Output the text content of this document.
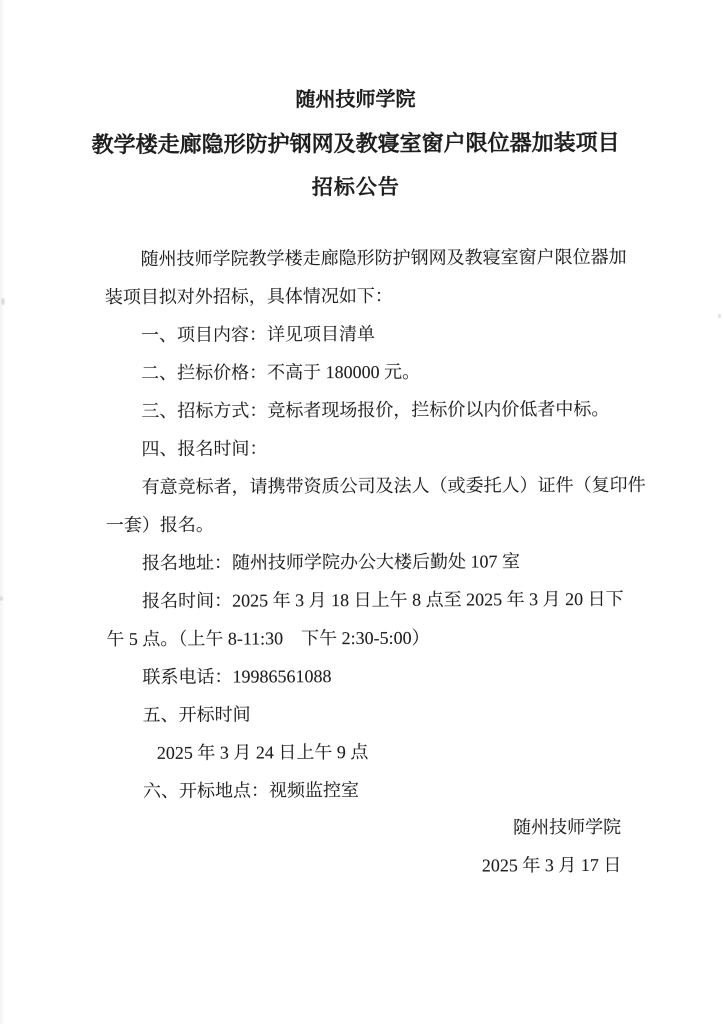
随州技师学院
教学楼走廊隐形防护钢网及教寝室窗户限位器加装项目
招标公告
随州技师学院教学楼走廊隐形防护钢网及教寝室窗户限位器加
装项目拟对外招标，具体情况如下：
一、项目内容：详见项目清单
二、拦标价格：不高于 180000 元。
三、招标方式：竞标者现场报价，拦标价以内价低者中标。
四、报名时间：
有意竞标者，请携带资质公司及法人（或委托人）证件（复印件
一套）报名。
报名地址：随州技师学院办公大楼后勤处 107 室
报名时间：2025 年 3 月 18 日上午 8 点至 2025 年 3 月 20 日下
午 5 点。（上午 8-11:30　下午 2:30-5:00）
联系电话：19986561088
五、开标时间
2025 年 3 月 24 日上午 9 点
六、开标地点：视频监控室
随州技师学院
2025 年 3 月 17 日
